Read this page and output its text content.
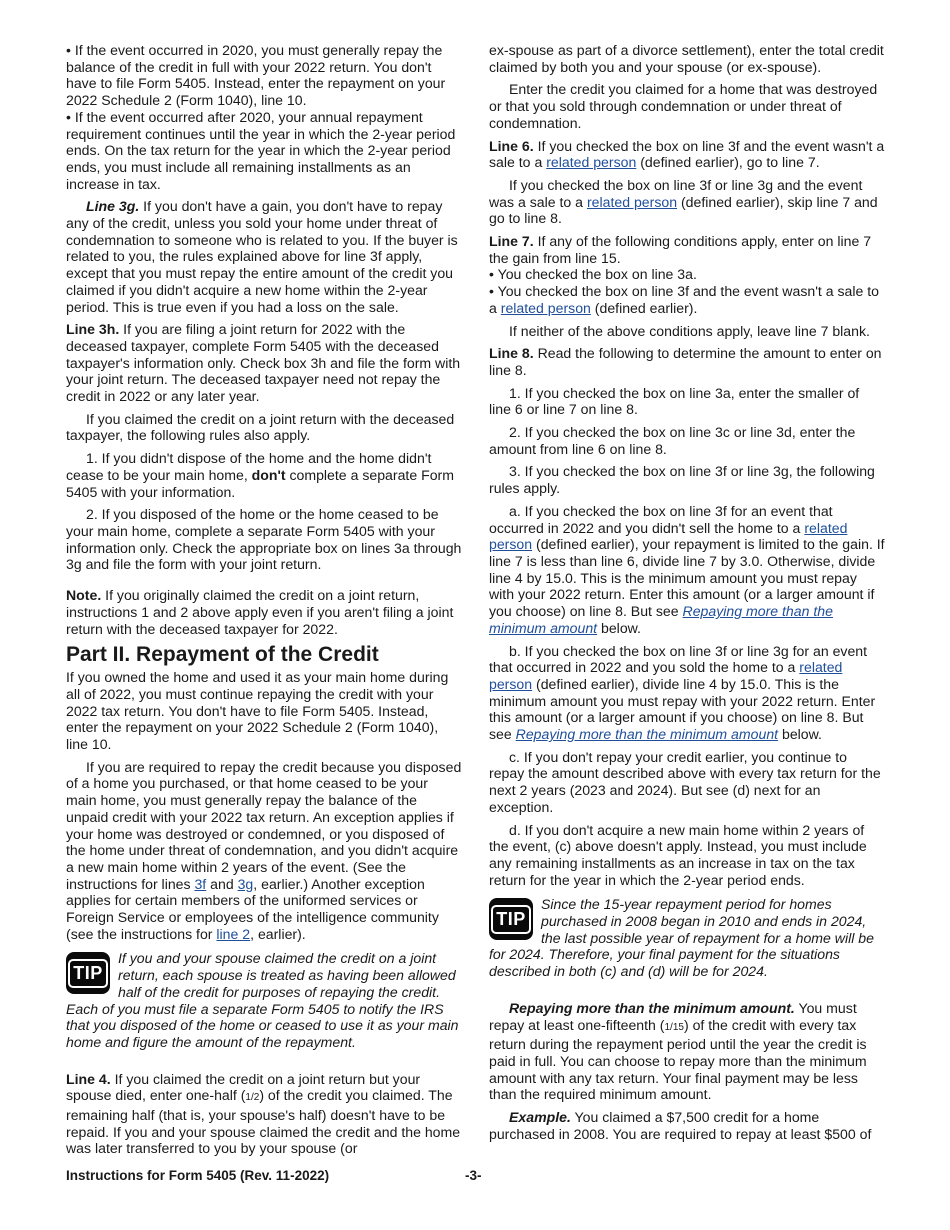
• If the event occurred in 2020, you must generally repay the balance of the credit in full with your 2022 return. You don't have to file Form 5405. Instead, enter the repayment on your 2022 Schedule 2 (Form 1040), line 10.

• If the event occurred after 2020, your annual repayment requirement continues until the year in which the 2-year period ends. On the tax return for the year in which the 2-year period ends, you must include all remaining installments as an increase in tax.

Line 3g. If you don't have a gain, you don't have to repay any of the credit, unless you sold your home under threat of condemnation to someone who is related to you. If the buyer is related to you, the rules explained above for line 3f apply, except that you must repay the entire amount of the credit you claimed if you didn't acquire a new home within the 2-year period. This is true even if you had a loss on the sale.

Line 3h. If you are filing a joint return for 2022 with the deceased taxpayer, complete Form 5405 with the deceased taxpayer's information only. Check box 3h and file the form with your joint return. The deceased taxpayer need not repay the credit in 2022 or any later year.

If you claimed the credit on a joint return with the deceased taxpayer, the following rules also apply.

1. If you didn't dispose of the home and the home didn't cease to be your main home, don't complete a separate Form 5405 with your information.

2. If you disposed of the home or the home ceased to be your main home, complete a separate Form 5405 with your information only. Check the appropriate box on lines 3a through 3g and file the form with your joint return.

Note. If you originally claimed the credit on a joint return, instructions 1 and 2 above apply even if you aren't filing a joint return with the deceased taxpayer for 2022.

Part II. Repayment of the Credit

If you owned the home and used it as your main home during all of 2022, you must continue repaying the credit with your 2022 tax return. You don't have to file Form 5405. Instead, enter the repayment on your 2022 Schedule 2 (Form 1040), line 10.

If you are required to repay the credit because you disposed of a home you purchased, or that home ceased to be your main home, you must generally repay the balance of the unpaid credit with your 2022 tax return. An exception applies if your home was destroyed or condemned, or you disposed of the home under threat of condemnation, and you didn't acquire a new main home within 2 years of the event. (See the instructions for lines 3f and 3g, earlier.) Another exception applies for certain members of the uniformed services or Foreign Service or employees of the intelligence community (see the instructions for line 2, earlier).

TIP
If you and your spouse claimed the credit on a joint return, each spouse is treated as having been allowed half of the credit for purposes of repaying the credit. Each of you must file a separate Form 5405 to notify the IRS that you disposed of the home or ceased to use it as your main home and figure the amount of the repayment.

Line 4. If you claimed the credit on a joint return but your spouse died, enter one-half (1/2) of the credit you claimed. The remaining half (that is, your spouse's half) doesn't have to be repaid. If you and your spouse claimed the credit and the home was later transferred to you by your spouse (or

ex-spouse as part of a divorce settlement), enter the total credit claimed by both you and your spouse (or ex-spouse).

Enter the credit you claimed for a home that was destroyed or that you sold through condemnation or under threat of condemnation.

Line 6. If you checked the box on line 3f and the event wasn't a sale to a related person (defined earlier), go to line 7.

If you checked the box on line 3f or line 3g and the event was a sale to a related person (defined earlier), skip line 7 and go to line 8.

Line 7. If any of the following conditions apply, enter on line 7 the gain from line 15.

• You checked the box on line 3a.

• You checked the box on line 3f and the event wasn't a sale to a related person (defined earlier).

If neither of the above conditions apply, leave line 7 blank.

Line 8. Read the following to determine the amount to enter on line 8.

1. If you checked the box on line 3a, enter the smaller of line 6 or line 7 on line 8.

2. If you checked the box on line 3c or line 3d, enter the amount from line 6 on line 8.

3. If you checked the box on line 3f or line 3g, the following rules apply.

a. If you checked the box on line 3f for an event that occurred in 2022 and you didn't sell the home to a related person (defined earlier), your repayment is limited to the gain. If line 7 is less than line 6, divide line 7 by 3.0. Otherwise, divide line 4 by 15.0. This is the minimum amount you must repay with your 2022 return. Enter this amount (or a larger amount if you choose) on line 8. But see Repaying more than the minimum amount below.

b. If you checked the box on line 3f or line 3g for an event that occurred in 2022 and you sold the home to a related person (defined earlier), divide line 4 by 15.0. This is the minimum amount you must repay with your 2022 return. Enter this amount (or a larger amount if you choose) on line 8. But see Repaying more than the minimum amount below.

c. If you don't repay your credit earlier, you continue to repay the amount described above with every tax return for the next 2 years (2023 and 2024). But see (d) next for an exception.

d. If you don't acquire a new main home within 2 years of the event, (c) above doesn't apply. Instead, you must include any remaining installments as an increase in tax on the tax return for the year in which the 2-year period ends.

TIP
Since the 15-year repayment period for homes purchased in 2008 began in 2010 and ends in 2024, the last possible year of repayment for a home will be for 2024. Therefore, your final payment for the situations described in both (c) and (d) will be for 2024.

Repaying more than the minimum amount. You must repay at least one-fifteenth (1/15) of the credit with every tax return during the repayment period until the year the credit is paid in full. You can choose to repay more than the minimum amount with any tax return. Your final payment may be less than the required minimum amount.

Example. You claimed a $7,500 credit for a home purchased in 2008. You are required to repay at least $500 of

Instructions for Form 5405 (Rev. 11-2022)	-3-
